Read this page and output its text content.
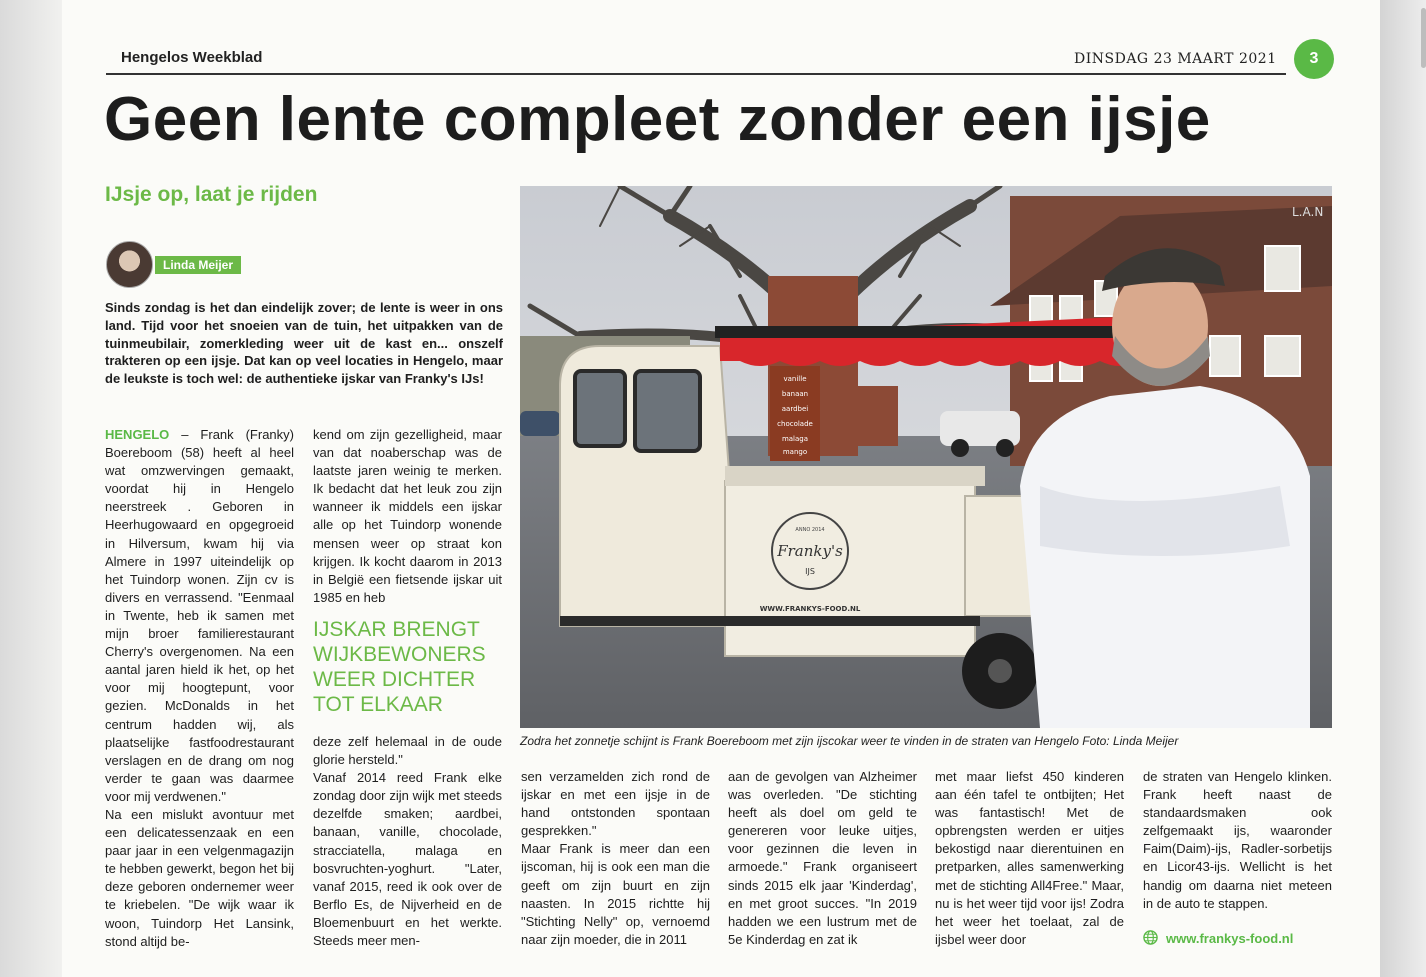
Hengelos Weekblad	DINSDAG 23 MAART 2021	3
Geen lente compleet zonder een ijsje
IJsje op, laat je rijden
Linda Meijer

Sinds zondag is het dan eindelijk zover; de lente is weer in ons land. Tijd voor het snoeien van de tuin, het uitpakken van de tuinmeubilair, zomerkleding weer uit de kast en... onszelf trakteren op een ijsje. Dat kan op veel locaties in Hengelo, maar de leukste is toch wel: de authentieke ijskar van Franky's IJs!

HENGELO – Frank (Franky) Boereboom (58) heeft al heel wat omzwervingen gemaakt, voordat hij in Hengelo neerstreek . Geboren in Heerhugowaard en opgegroeid in Hilversum, kwam hij via Almere in 1997 uiteindelijk op het Tuindorp wonen. Zijn cv is divers en verrassend. "Eenmaal in Twente, heb ik samen met mijn broer familierestaurant Cherry's overgenomen. Na een aantal jaren hield ik het, op het voor mij hoogtepunt, voor gezien. McDonalds in het centrum hadden wij, als plaatselijke fastfoodrestaurant verslagen en de drang om nog verder te gaan was daarmee voor mij verdwenen."

Na een mislukt avontuur met een delicatessenzaak en een paar jaar in een velgenmagazijn te hebben gewerkt, begon het bij deze geboren ondernemer weer te kriebelen. "De wijk waar ik woon, Tuindorp Het Lansink, stond altijd be-

kend om zijn gezelligheid, maar van dat noaberschap was de laatste jaren weinig te merken. Ik bedacht dat het leuk zou zijn wanneer ik middels een ijskar alle op het Tuindorp wonende mensen weer op straat kon krijgen. Ik kocht daarom in 2013 in België een fietsende ijskar uit 1985 en heb

IJSKAR BRENGT WIJKBEWONERS WEER DICHTER TOT ELKAAR

deze zelf helemaal in de oude glorie hersteld."

Vanaf 2014 reed Frank elke zondag door zijn wijk met steeds dezelfde smaken; aardbei, banaan, vanille, chocolade, stracciatella, malaga en bosvruchten-yoghurt. "Later, vanaf 2015, reed ik ook over de Berflo Es, de Nijverheid en de Bloemenbuurt en het werkte. Steeds meer men-

sen verzamelden zich rond de ijskar en met een ijsje in de hand ontstonden spontaan gesprekken."

Maar Frank is meer dan een ijscoman, hij is ook een man die geeft om zijn buurt en zijn naasten. In 2015 richtte hij "Stichting Nelly" op, vernoemd naar zijn moeder, die in 2011

aan de gevolgen van Alzheimer was overleden. "De stichting heeft als doel om geld te genereren voor leuke uitjes, voor gezinnen die leven in armoede." Frank organiseert sinds 2015 elk jaar 'Kinderdag', en met groot succes. "In 2019 hadden we een lustrum met de 5e Kinderdag en zat ik

met maar liefst 450 kinderen aan één tafel te ontbijten; Het was fantastisch! Met de opbrengsten werden er uitjes bekostigd naar dierentuinen en pretparken, alles samenwerking met de stichting All4Free." Maar, nu is het weer tijd voor ijs! Zodra het weer het toelaat, zal de ijsbel weer door

de straten van Hengelo klinken. Frank heeft naast de standaardsmaken ook zelfgemaakt ijs, waaronder Faim(Daim)-ijs, Radler-sorbetijs en Licor43-ijs. Wellicht is het handig om daarna niet meteen in de auto te stappen.

www.frankys-food.nl
L.A.N
vanille
banaan
aardbei
chocolade
malaga
mango
ANNO 2014
Franky's
IJS
WWW.FRANKYS-FOOD.NL
Zodra het zonnetje schijnt is Frank Boereboom met zijn ijscokar weer te vinden in de straten van Hengelo Foto: Linda Meijer
